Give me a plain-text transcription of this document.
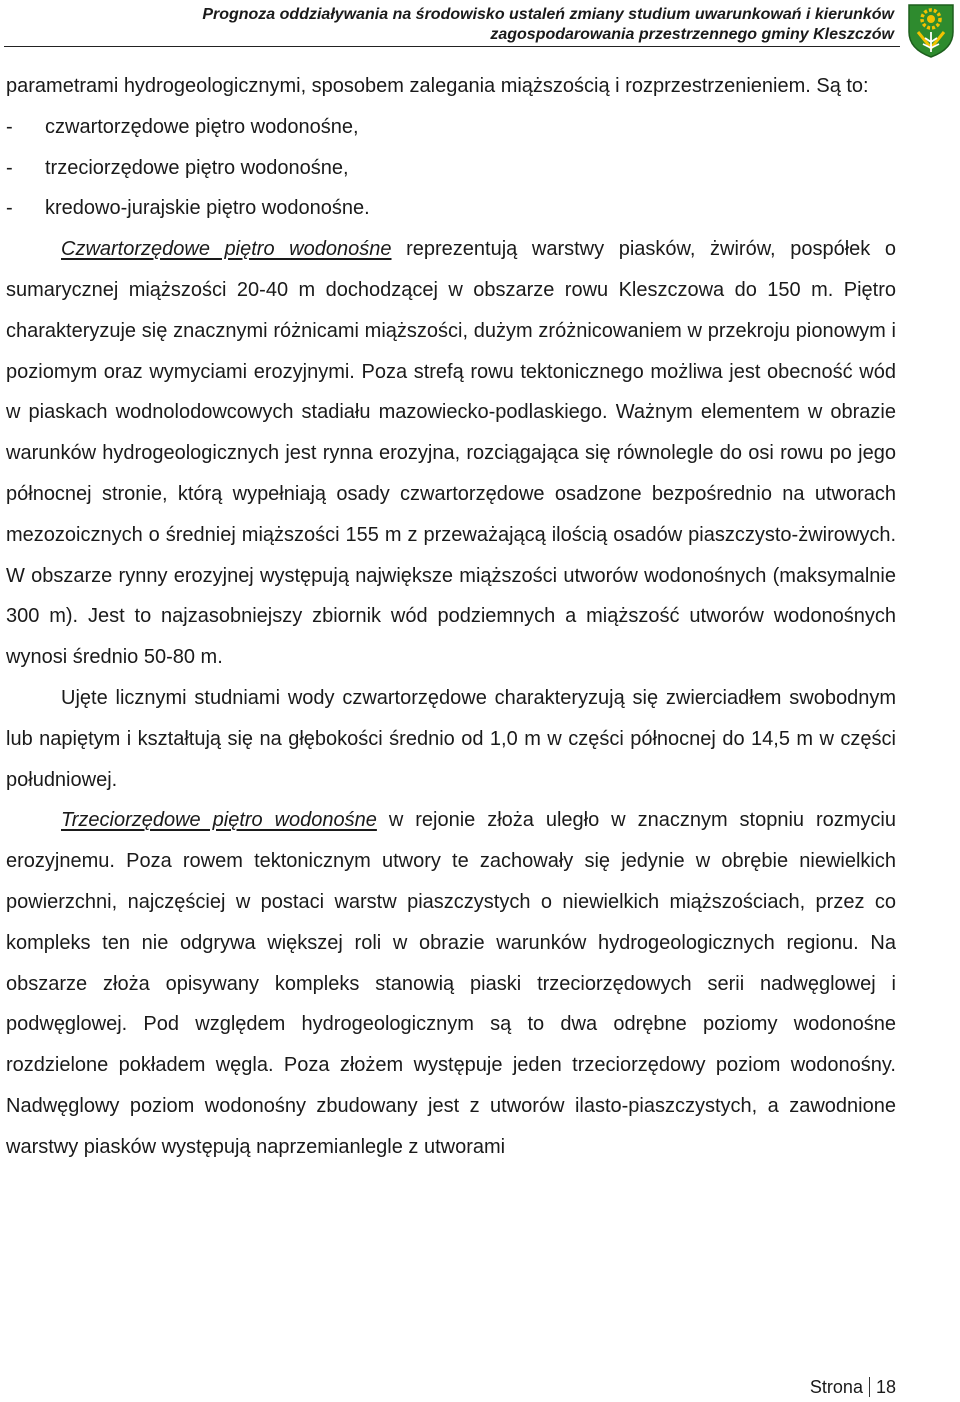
Prognoza oddziaływania na środowisko ustaleń zmiany studium uwarunkowań i kierunków
zagospodarowania przestrzennego gminy Kleszczów

parametrami hydrogeologicznymi, sposobem zalegania miąższością i rozprzestrzenieniem. Są to:

- czwartorzędowe piętro wodonośne,
- trzeciorzędowe piętro wodonośne,
- kredowo-jurajskie piętro wodonośne.

Czwartorzędowe piętro wodonośne reprezentują warstwy piasków, żwirów, pospółek o sumarycznej miąższości 20-40 m dochodzącej w obszarze rowu Kleszczowa do 150 m. Piętro charakteryzuje się znacznymi różnicami miąższości, dużym zróżnicowaniem w przekroju pionowym i poziomym oraz wymyciami erozyjnymi. Poza strefą rowu tektonicznego możliwa jest obecność wód w piaskach wodnolodowcowych stadiału mazowiecko-podlaskiego. Ważnym elementem w obrazie warunków hydrogeologicznych jest rynna erozyjna, rozciągająca się równolegle do osi rowu po jego północnej stronie, którą wypełniają osady czwartorzędowe osadzone bezpośrednio na utworach mezozoicznych o średniej miąższości 155 m z przeważającą ilością osadów piaszczysto-żwirowych. W obszarze rynny erozyjnej występują największe miąższości utworów wodonośnych (maksymalnie 300 m). Jest to najzasobniejszy zbiornik wód podziemnych a miąższość utworów wodonośnych wynosi średnio 50-80 m.

Ujęte licznymi studniami wody czwartorzędowe charakteryzują się zwierciadłem swobodnym lub napiętym i kształtują się na głębokości średnio od 1,0 m w części północnej do 14,5 m w części południowej.

Trzeciorzędowe piętro wodonośne w rejonie złoża uległo w znacznym stopniu rozmyciu erozyjnemu. Poza rowem tektonicznym utwory te zachowały się jedynie w obrębie niewielkich powierzchni, najczęściej w postaci warstw piaszczystych o niewielkich miąższościach, przez co kompleks ten nie odgrywa większej roli w obrazie warunków hydrogeologicznych regionu. Na obszarze złoża opisywany kompleks stanowią piaski trzeciorzędowych serii nadwęglowej i podwęglowej. Pod względem hydrogeologicznym są to dwa odrębne poziomy wodonośne rozdzielone pokładem węgla. Poza złożem występuje jeden trzeciorzędowy poziom wodonośny. Nadwęglowy poziom wodonośny zbudowany jest z utworów ilasto-piaszczystych, a zawodnione warstwy piasków występują naprzemianlegle z utworami

Strona 18
